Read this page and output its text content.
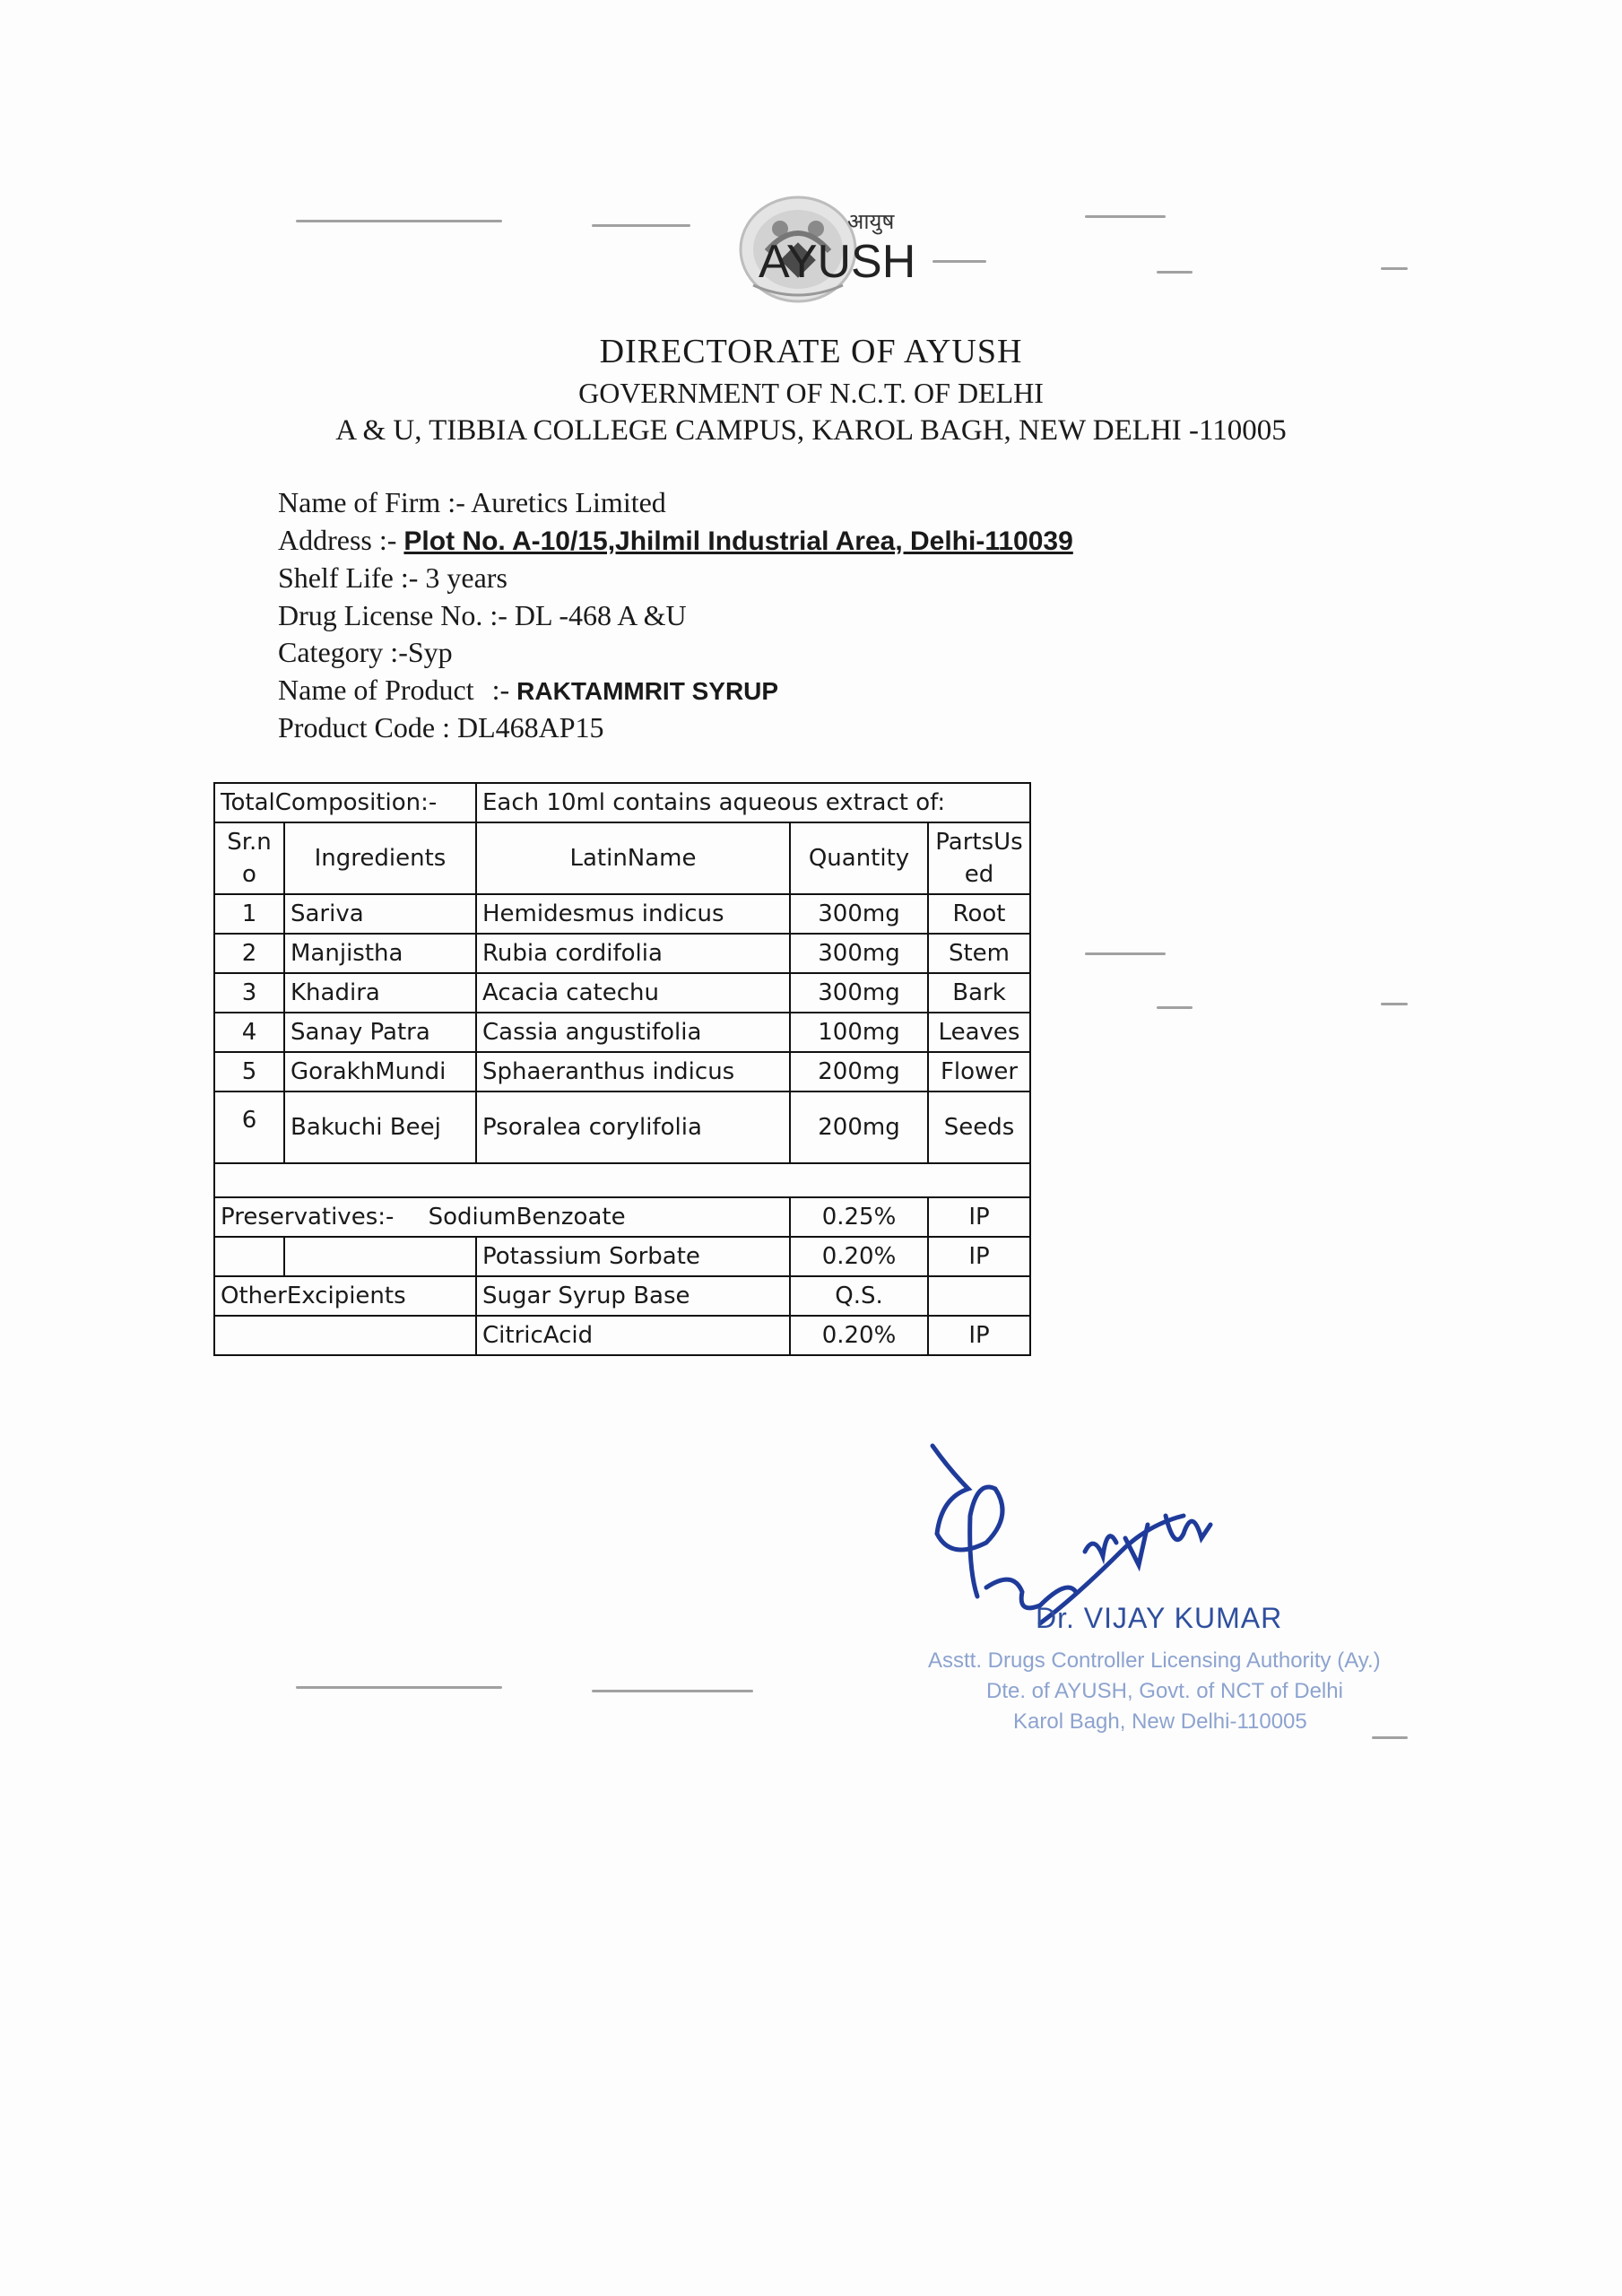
AYUSH
आयुष
DIRECTORATE OF AYUSH
GOVERNMENT OF N.C.T. OF DELHI
A & U, TIBBIA COLLEGE CAMPUS, KAROL BAGH, NEW DELHI -110005
Name of Firm :- Auretics Limited
Address :- Plot No. A-10/15,Jhilmil Industrial Area, Delhi-110039
Shelf Life :- 3 years
Drug License No. :- DL -468 A &U
Category :-Syp
Name of Product :- RAKTAMMRIT SYRUP
Product Code : DL468AP15
TotalComposition:-		Each 10ml contains aqueous extract of:		
Sr.no	Ingredients	LatinName	Quantity	PartsUsed
1	Sariva	Hemidesmus indicus	300mg	Root
2	Manjistha	Rubia cordifolia	300mg	Stem
3	Khadira	Acacia catechu	300mg	Bark
4	Sanay Patra	Cassia angustifolia	100mg	Leaves
5	GorakhMundi	Sphaeranthus indicus	200mg	Flower
6	Bakuchi Beej	Psoralea corylifolia	200mg	Seeds

Preservatives:- SodiumBenzoate			0.25%	IP
		Potassium Sorbate	0.20%	IP
OtherExcipients		Sugar Syrup Base	Q.S.	
		CitricAcid	0.20%	IP
Dr. VIJAY KUMAR
Asstt. Drugs Controller Licensing Authority (Ay.)
Dte. of AYUSH, Govt. of NCT of Delhi
Karol Bagh, New Delhi-110005
